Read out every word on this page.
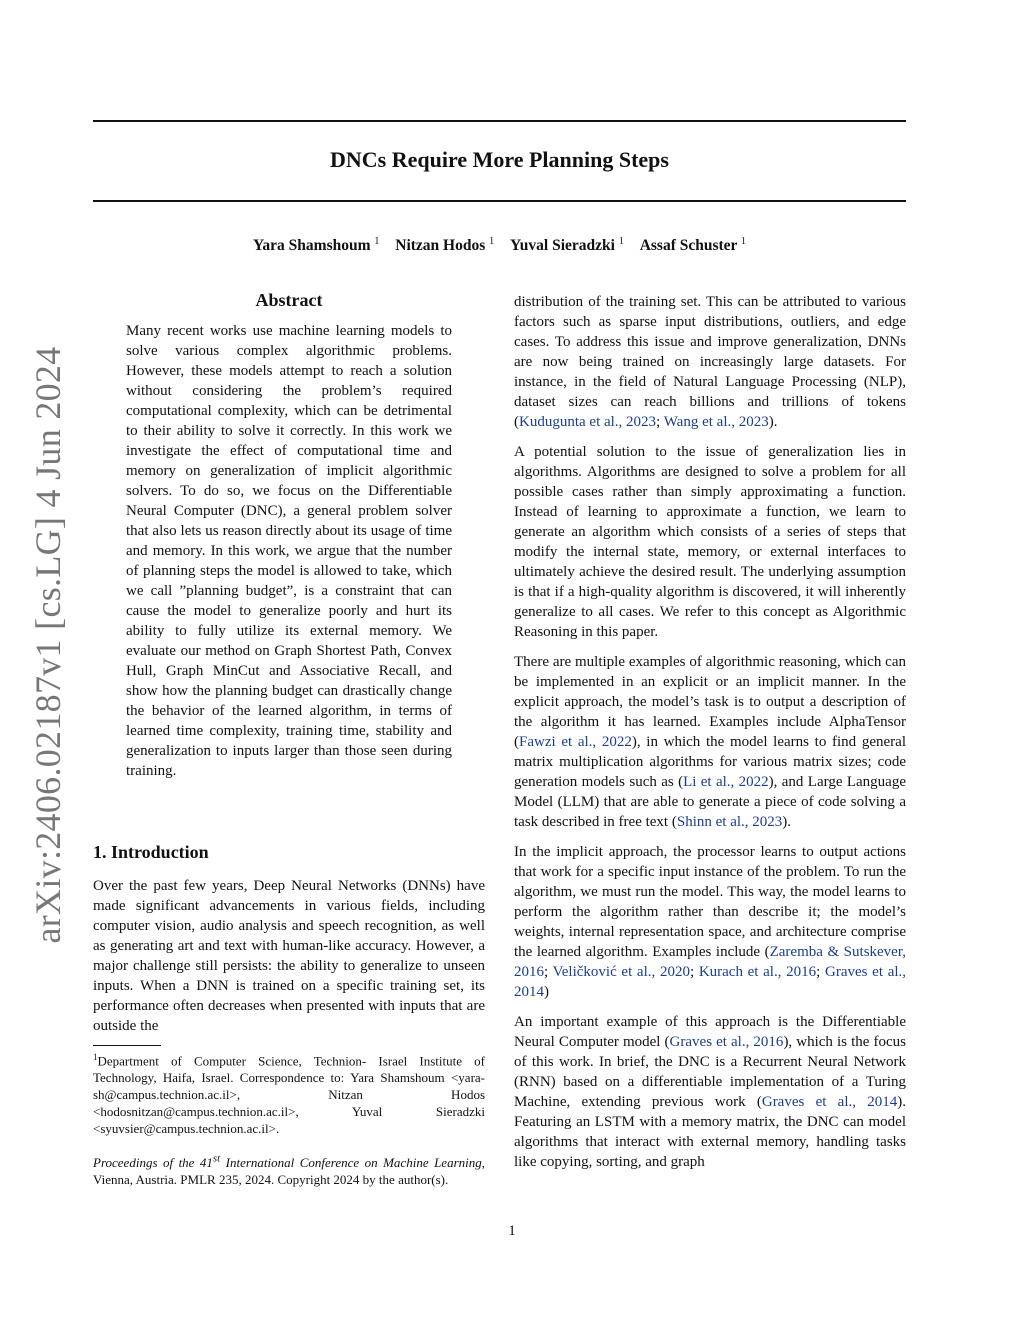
arXiv:2406.02187v1 [cs.LG] 4 Jun 2024
DNCs Require More Planning Steps
Yara Shamshoum $^1$ Nitzan Hodos $^1$ Yuval Sieradzki $^1$ Assaf Schuster $^1$
Abstract

Many recent works use machine learning models to solve various complex algorithmic problems. However, these models attempt to reach a solution without considering the problem’s required computational complexity, which can be detrimental to their ability to solve it correctly. In this work we investigate the effect of computational time and memory on generalization of implicit algorithmic solvers. To do so, we focus on the Differentiable Neural Computer (DNC), a general problem solver that also lets us reason directly about its usage of time and memory. In this work, we argue that the number of planning steps the model is allowed to take, which we call ”planning budget”, is a constraint that can cause the model to generalize poorly and hurt its ability to fully utilize its external memory. We evaluate our method on Graph Shortest Path, Convex Hull, Graph MinCut and Associative Recall, and show how the planning budget can drastically change the behavior of the learned algorithm, in terms of learned time complexity, training time, stability and generalization to inputs larger than those seen during training.

1. Introduction

Over the past few years, Deep Neural Networks (DNNs) have made significant advancements in various fields, including computer vision, audio analysis and speech recognition, as well as generating art and text with human-like accuracy. However, a major challenge still persists: the ability to generalize to unseen inputs. When a DNN is trained on a specific training set, its performance often decreases when presented with inputs that are outside the

$^1$Department of Computer Science, Technion- Israel Institute of Technology, Haifa, Israel. Correspondence to: Yara Shamshoum <yara-sh@campus.technion.ac.il>, Nitzan Hodos <hodosnitzan@campus.technion.ac.il>, Yuval Sieradzki <syuvsier@campus.technion.ac.il>.
Proceedings of the 41st International Conference on Machine Learning, Vienna, Austria. PMLR 235, 2024. Copyright 2024 by the author(s).

distribution of the training set. This can be attributed to various factors such as sparse input distributions, outliers, and edge cases. To address this issue and improve generalization, DNNs are now being trained on increasingly large datasets. For instance, in the field of Natural Language Processing (NLP), dataset sizes can reach billions and trillions of tokens (Kudugunta et al., 2023; Wang et al., 2023).

A potential solution to the issue of generalization lies in algorithms. Algorithms are designed to solve a problem for all possible cases rather than simply approximating a function. Instead of learning to approximate a function, we learn to generate an algorithm which consists of a series of steps that modify the internal state, memory, or external interfaces to ultimately achieve the desired result. The underlying assumption is that if a high-quality algorithm is discovered, it will inherently generalize to all cases. We refer to this concept as Algorithmic Reasoning in this paper.

There are multiple examples of algorithmic reasoning, which can be implemented in an explicit or an implicit manner. In the explicit approach, the model’s task is to output a description of the algorithm it has learned. Examples include AlphaTensor (Fawzi et al., 2022), in which the model learns to find general matrix multiplication algorithms for various matrix sizes; code generation models such as (Li et al., 2022), and Large Language Model (LLM) that are able to generate a piece of code solving a task described in free text (Shinn et al., 2023).

In the implicit approach, the processor learns to output actions that work for a specific input instance of the problem. To run the algorithm, we must run the model. This way, the model learns to perform the algorithm rather than describe it; the model’s weights, internal representation space, and architecture comprise the learned algorithm. Examples include (Zaremba & Sutskever, 2016; Veličković et al., 2020; Kurach et al., 2016; Graves et al., 2014)

An important example of this approach is the Differentiable Neural Computer model (Graves et al., 2016), which is the focus of this work. In brief, the DNC is a Recurrent Neural Network (RNN) based on a differentiable implementation of a Turing Machine, extending previous work (Graves et al., 2014). Featuring an LSTM with a memory matrix, the DNC can model algorithms that interact with external memory, handling tasks like copying, sorting, and graph

1
